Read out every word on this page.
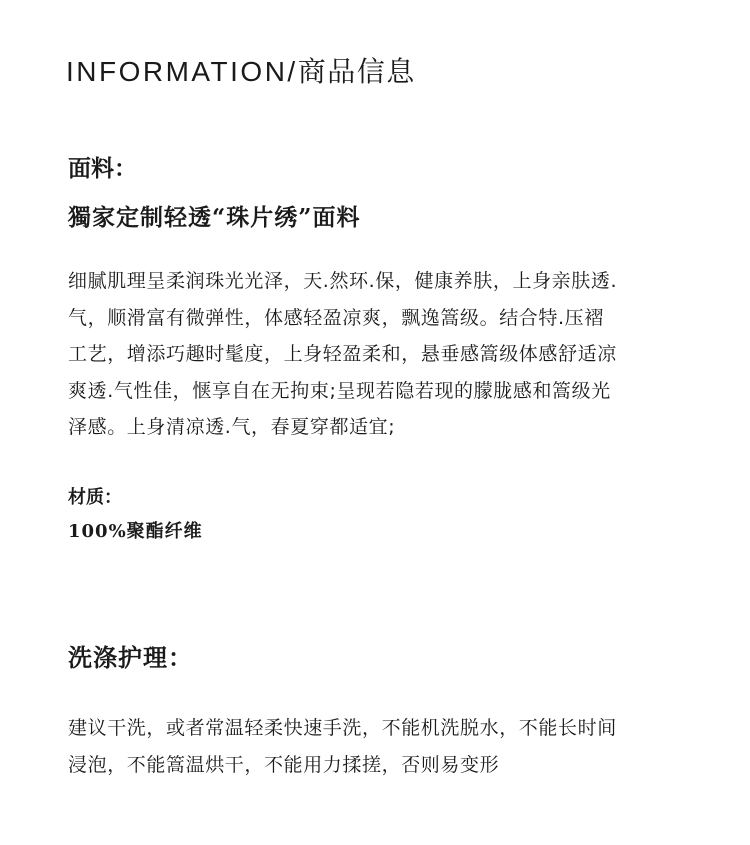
INFORMATION/商品信息
面料：
獨家定制轻透“珠片绣”面料
细腻肌理呈柔润珠光光泽，天.然环.保，健康养肤，上身亲肤透.
气，顺滑富有微弹性，体感轻盈凉爽，飘逸篙级。结合特.压褶
工艺，增添巧趣时髦度，上身轻盈柔和，悬垂感篙级体感舒适凉
爽透.气性佳，惬享自在无拘束;呈现若隐若现的朦胧感和篙级光
泽感。上身清凉透.气，春夏穿都适宜;
材质：
100%聚酯纤维
洗涤护理：
建议干洗，或者常温轻柔快速手洗，不能机洗脱水，不能长时间
浸泡，不能篙温烘干，不能用力揉搓，否则易变形
